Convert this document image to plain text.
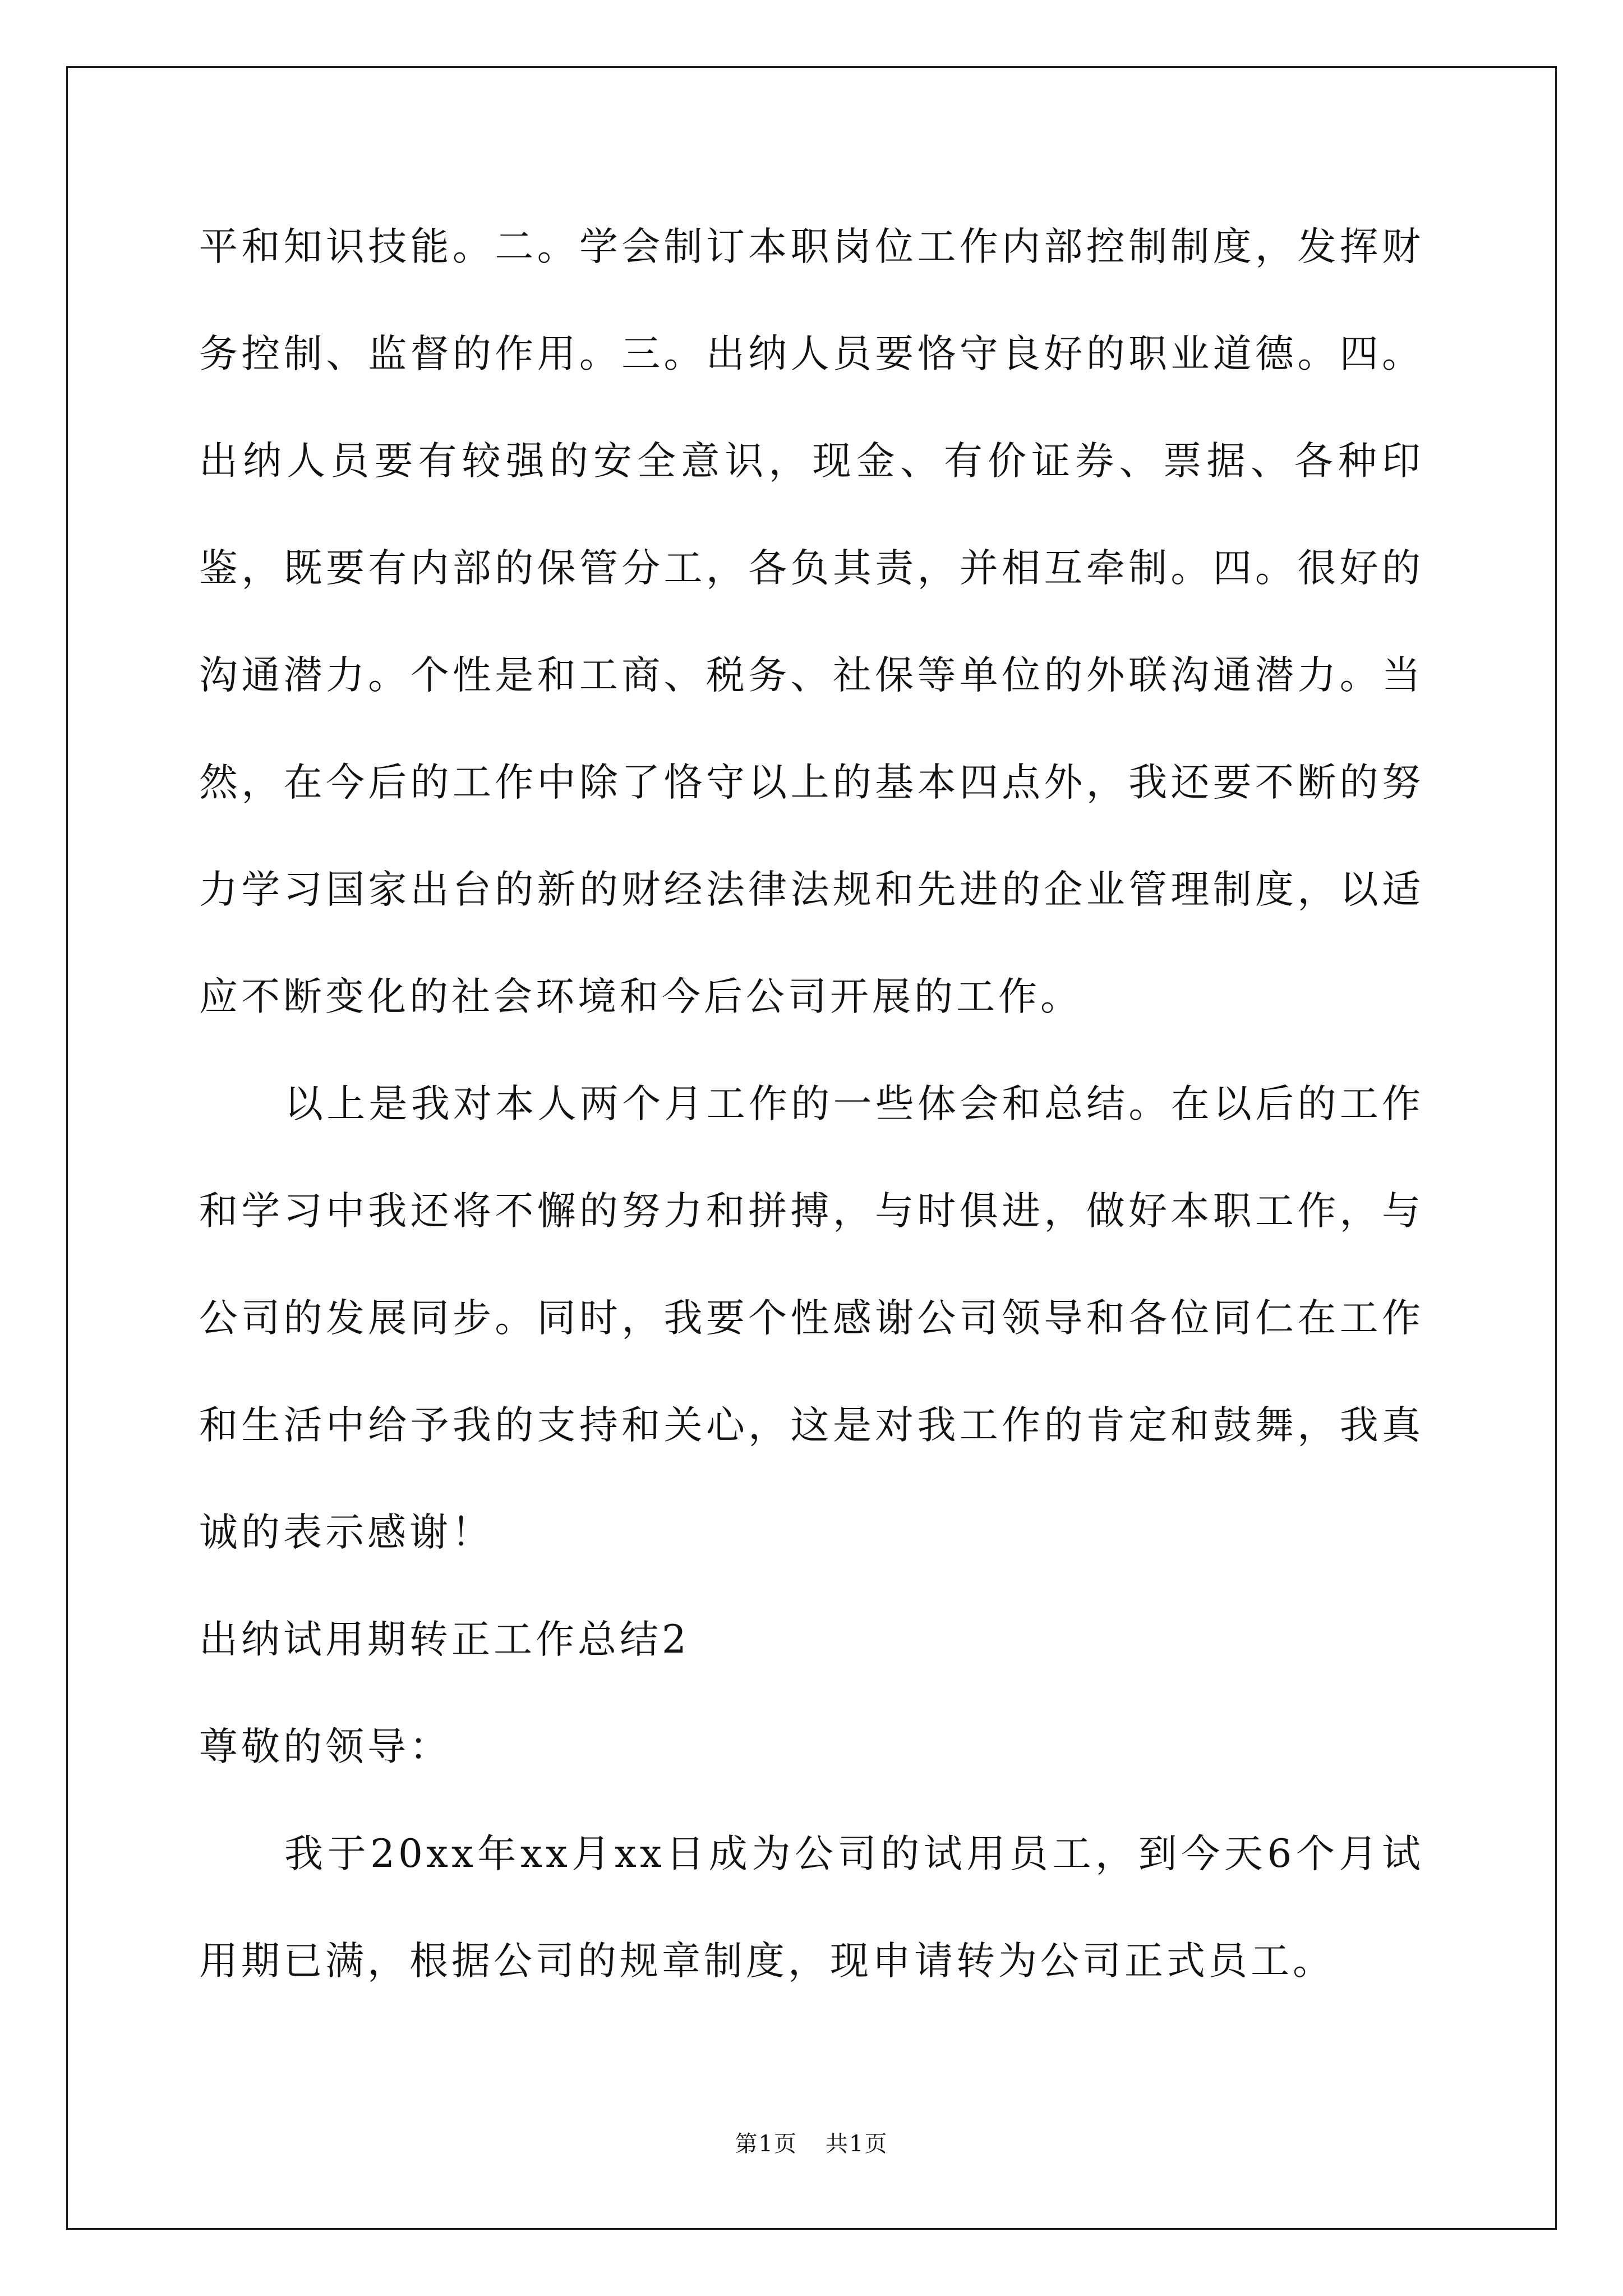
平和知识技能。二。学会制订本职岗位工作内部控制制度，发挥财务控制、监督的作用。三。出纳人员要恪守良好的职业道德。四。出纳人员要有较强的安全意识，现金、有价证券、票据、各种印鉴，既要有内部的保管分工，各负其责，并相互牵制。四。很好的沟通潜力。个性是和工商、税务、社保等单位的外联沟通潜力。当然，在今后的工作中除了恪守以上的基本四点外，我还要不断的努力学习国家出台的新的财经法律法规和先进的企业管理制度，以适应不断变化的社会环境和今后公司开展的工作。

以上是我对本人两个月工作的一些体会和总结。在以后的工作和学习中我还将不懈的努力和拼搏，与时俱进，做好本职工作，与公司的发展同步。同时，我要个性感谢公司领导和各位同仁在工作和生活中给予我的支持和关心，这是对我工作的肯定和鼓舞，我真诚的表示感谢！

出纳试用期转正工作总结2

尊敬的领导：

我于20xx年xx月xx日成为公司的试用员工，到今天6个月试用期已满，根据公司的规章制度，现申请转为公司正式员工。

第1页 共1页
